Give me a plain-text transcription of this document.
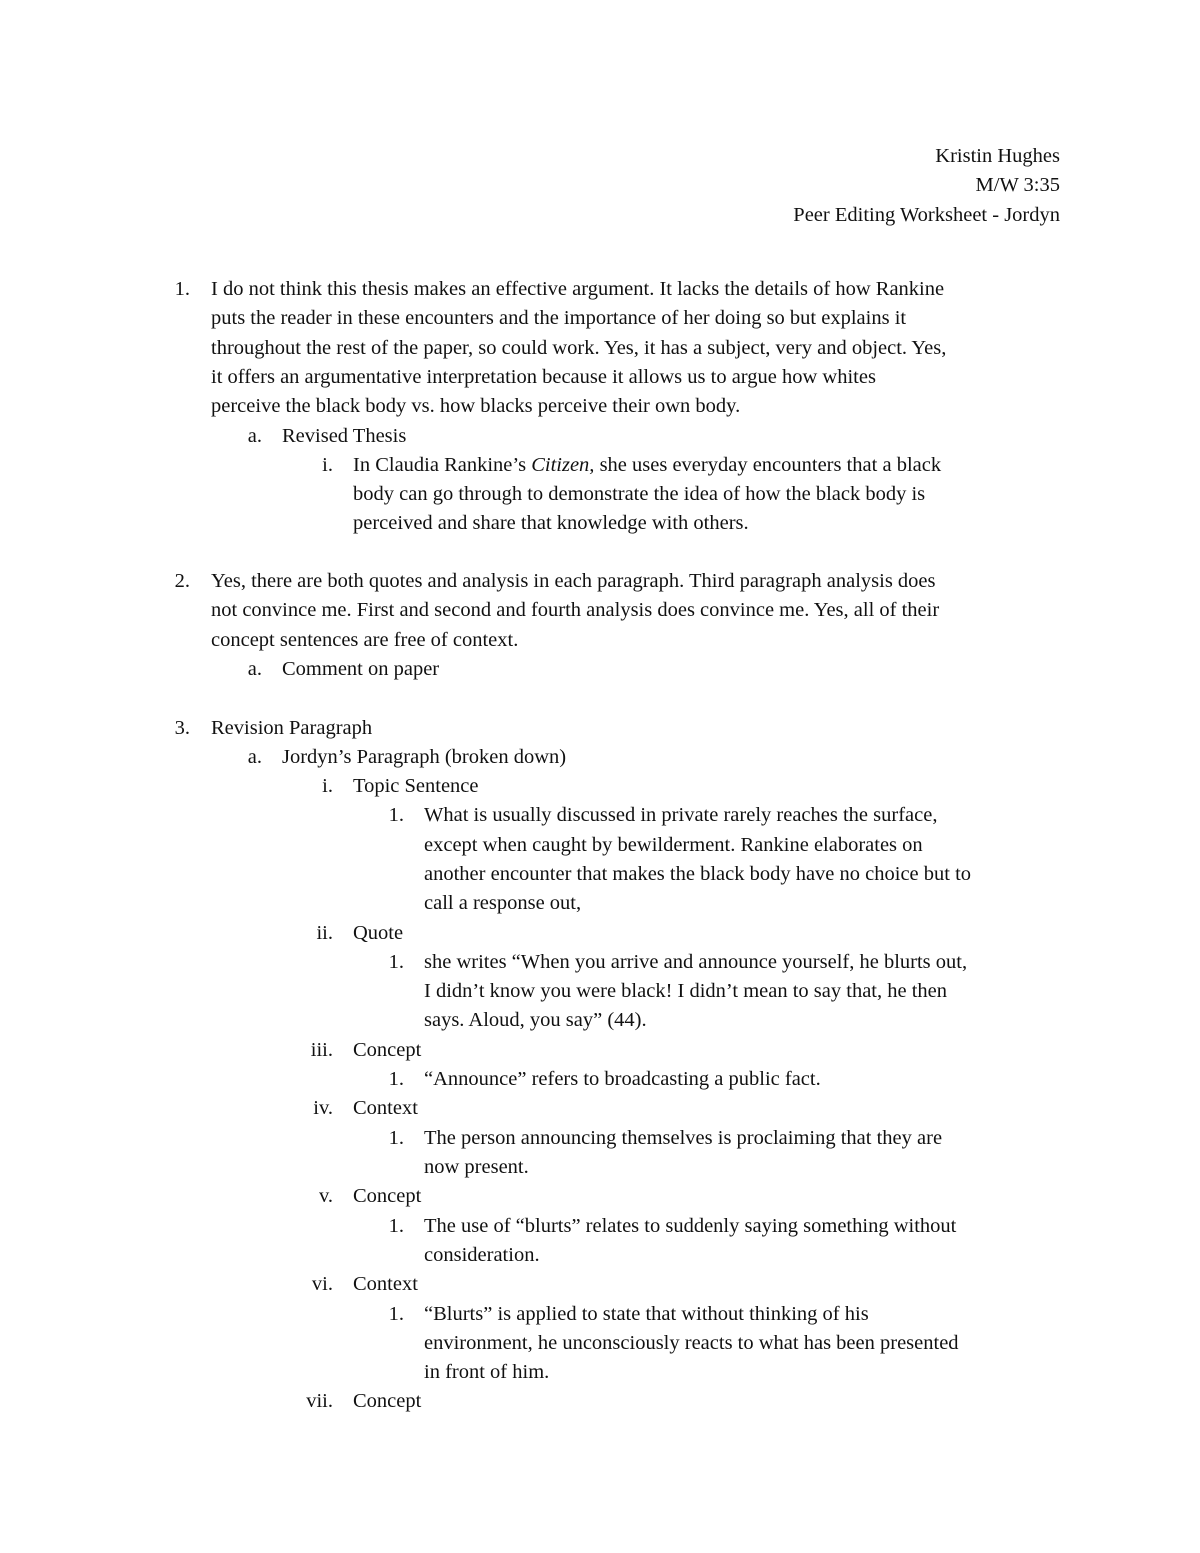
Kristin Hughes
M/W 3:35
Peer Editing Worksheet - Jordyn
1. I do not think this thesis makes an effective argument. It lacks the details of how Rankine

puts the reader in these encounters and the importance of her doing so but explains it

throughout the rest of the paper, so could work. Yes, it has a subject, very and object. Yes,

it offers an argumentative interpretation because it allows us to argue how whites

perceive the black body vs. how blacks perceive their own body.

a. Revised Thesis

i. In Claudia Rankine’s Citizen, she uses everyday encounters that a black

body can go through to demonstrate the idea of how the black body is

perceived and share that knowledge with others.

2. Yes, there are both quotes and analysis in each paragraph. Third paragraph analysis does

not convince me. First and second and fourth analysis does convince me. Yes, all of their

concept sentences are free of context.

a. Comment on paper

3. Revision Paragraph

a. Jordyn’s Paragraph (broken down)

i. Topic Sentence

1. What is usually discussed in private rarely reaches the surface,

except when caught by bewilderment. Rankine elaborates on

another encounter that makes the black body have no choice but to

call a response out,

ii. Quote

1. she writes “When you arrive and announce yourself, he blurts out,

I didn’t know you were black! I didn’t mean to say that, he then

says. Aloud, you say” (44).

iii. Concept

1. “Announce” refers to broadcasting a public fact.

iv. Context

1. The person announcing themselves is proclaiming that they are

now present.

v. Concept

1. The use of “blurts” relates to suddenly saying something without

consideration.

vi. Context

1. “Blurts” is applied to state that without thinking of his

environment, he unconsciously reacts to what has been presented

in front of him.

vii. Concept
